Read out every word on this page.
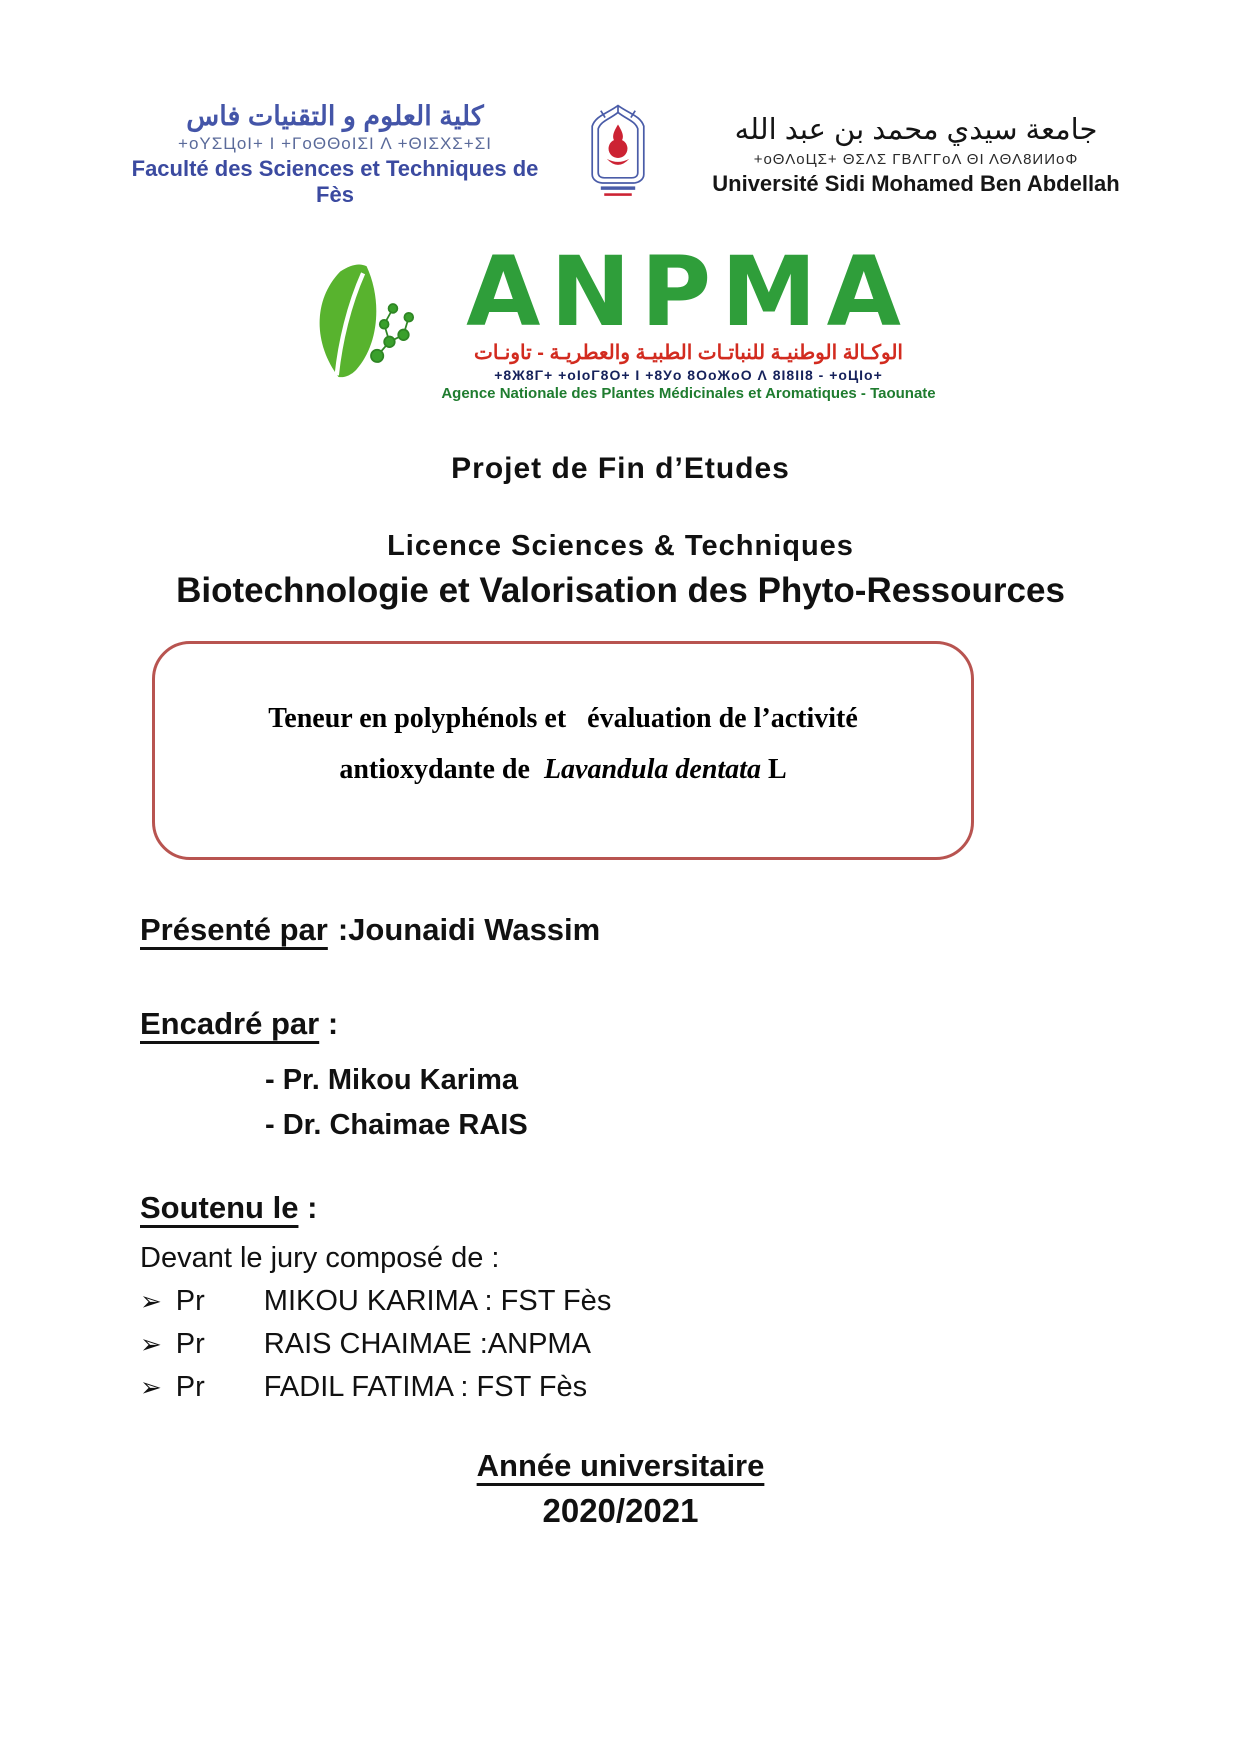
كلية العلوم و التقنيات فاس
+oYΣЦoI+ I +ΓoΘΘoIΣI Λ +ΘIΣΧΣ+ΣI
Faculté des Sciences et Techniques de Fès
جامعة سيدي محمد بن عبد الله
+oΘΛoЦΣ+ ΘΣΛΣ ΓΒΛΓΓoΛ ΘΙ ΛΘΛ8ИИoΦ
Université Sidi Mohamed Ben Abdellah
ANPMA
الوكـالة الوطنيـة للنباتـات الطبيـة والعطريـة - تاونـات
+8Ж8Γ+ +oIoΓ8O+ I +8Уo 8OoЖoO Λ 8I8II8 - +oЦIo+
Agence Nationale des Plantes Médicinales et Aromatiques - Taounate
Projet de Fin d’Etudes
Licence Sciences & Techniques
Biotechnologie et Valorisation des Phyto-Ressources
Teneur en polyphénols et   évaluation de l’activité
antioxydante de  Lavandula dentata L
Présenté par :Jounaidi Wassim
Encadré par :
- Pr. Mikou Karima
- Dr. Chaimae RAIS
Soutenu le :
Devant le jury composé de :
➢ Pr	MIKOU KARIMA : FST Fès
➢ Pr	RAIS CHAIMAE :ANPMA
➢ Pr	FADIL FATIMA : FST Fès
Année universitaire
2020/2021
